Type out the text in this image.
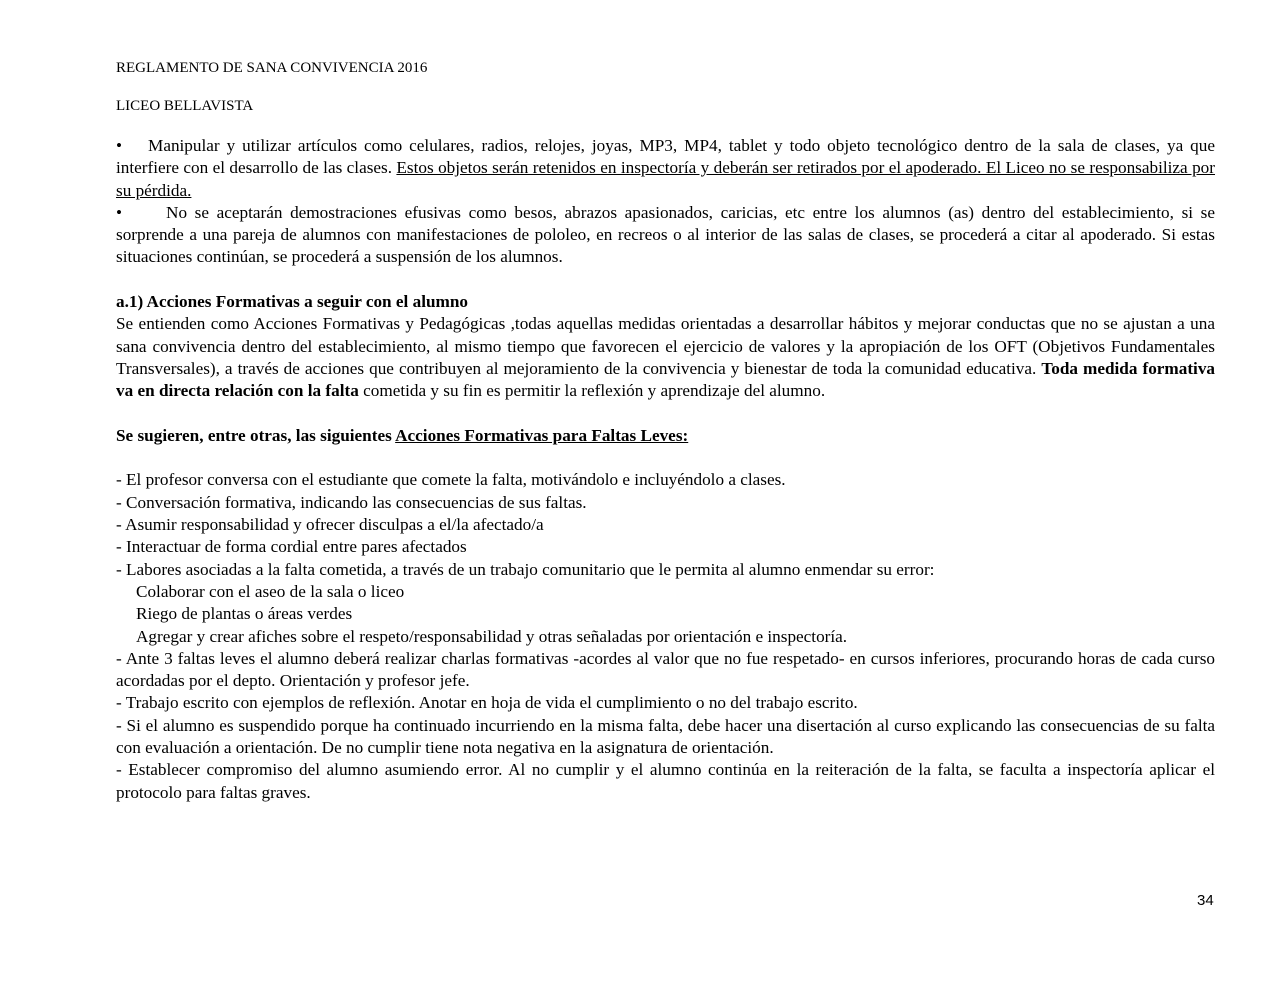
REGLAMENTO DE SANA CONVIVENCIA 2016
LICEO BELLAVISTA

• Manipular y utilizar artículos como celulares, radios, relojes, joyas, MP3, MP4, tablet y todo objeto tecnológico dentro de la sala de clases, ya que interfiere con el desarrollo de las clases. Estos objetos serán retenidos en inspectoría y deberán ser retirados por el apoderado. El Liceo no se responsabiliza por su pérdida.

•	No se aceptarán demostraciones efusivas como besos, abrazos apasionados, caricias, etc entre los alumnos (as) dentro del establecimiento, si se sorprende a una pareja de alumnos con manifestaciones de pololeo, en recreos o al interior de las salas de clases, se procederá a citar al apoderado. Si estas situaciones continúan, se procederá a suspensión de los alumnos.

a.1) Acciones Formativas a seguir con el alumno

Se entienden como Acciones Formativas y Pedagógicas ,todas aquellas medidas orientadas a desarrollar hábitos y mejorar conductas que no se ajustan a una sana convivencia dentro del establecimiento, al mismo tiempo que favorecen el ejercicio de valores y la apropiación de los OFT (Objetivos Fundamentales Transversales), a través de acciones que contribuyen al mejoramiento de la convivencia y bienestar de toda la comunidad educativa. Toda medida formativa va en directa relación con la falta cometida y su fin es permitir la reflexión y aprendizaje del alumno.

Se sugieren, entre otras, las siguientes Acciones Formativas para Faltas Leves:

- El profesor conversa con el estudiante que comete la falta, motivándolo e incluyéndolo a clases.

- Conversación formativa, indicando las consecuencias de sus faltas.

- Asumir responsabilidad y ofrecer disculpas a el/la afectado/a

- Interactuar de forma cordial entre pares afectados

- Labores asociadas a la falta cometida, a través de un trabajo comunitario que le permita al alumno enmendar su error:

Colaborar con el aseo de la sala o liceo

Riego de plantas o áreas verdes

Agregar y crear afiches sobre el respeto/responsabilidad y otras señaladas por orientación e inspectoría.

- Ante 3 faltas leves el alumno deberá realizar charlas formativas -acordes al valor que no fue respetado- en cursos inferiores, procurando horas de cada curso acordadas por el depto. Orientación y profesor jefe.

- Trabajo escrito con ejemplos de reflexión. Anotar en hoja de vida el cumplimiento o no del trabajo escrito.

- Si el alumno es suspendido porque ha continuado incurriendo en la misma falta, debe hacer una disertación al curso explicando las consecuencias de su falta con evaluación a orientación. De no cumplir tiene nota negativa en la asignatura de orientación.

- Establecer compromiso del alumno asumiendo error. Al no cumplir y el alumno continúa en la reiteración de la falta, se faculta a inspectoría aplicar el protocolo para faltas graves.

34
